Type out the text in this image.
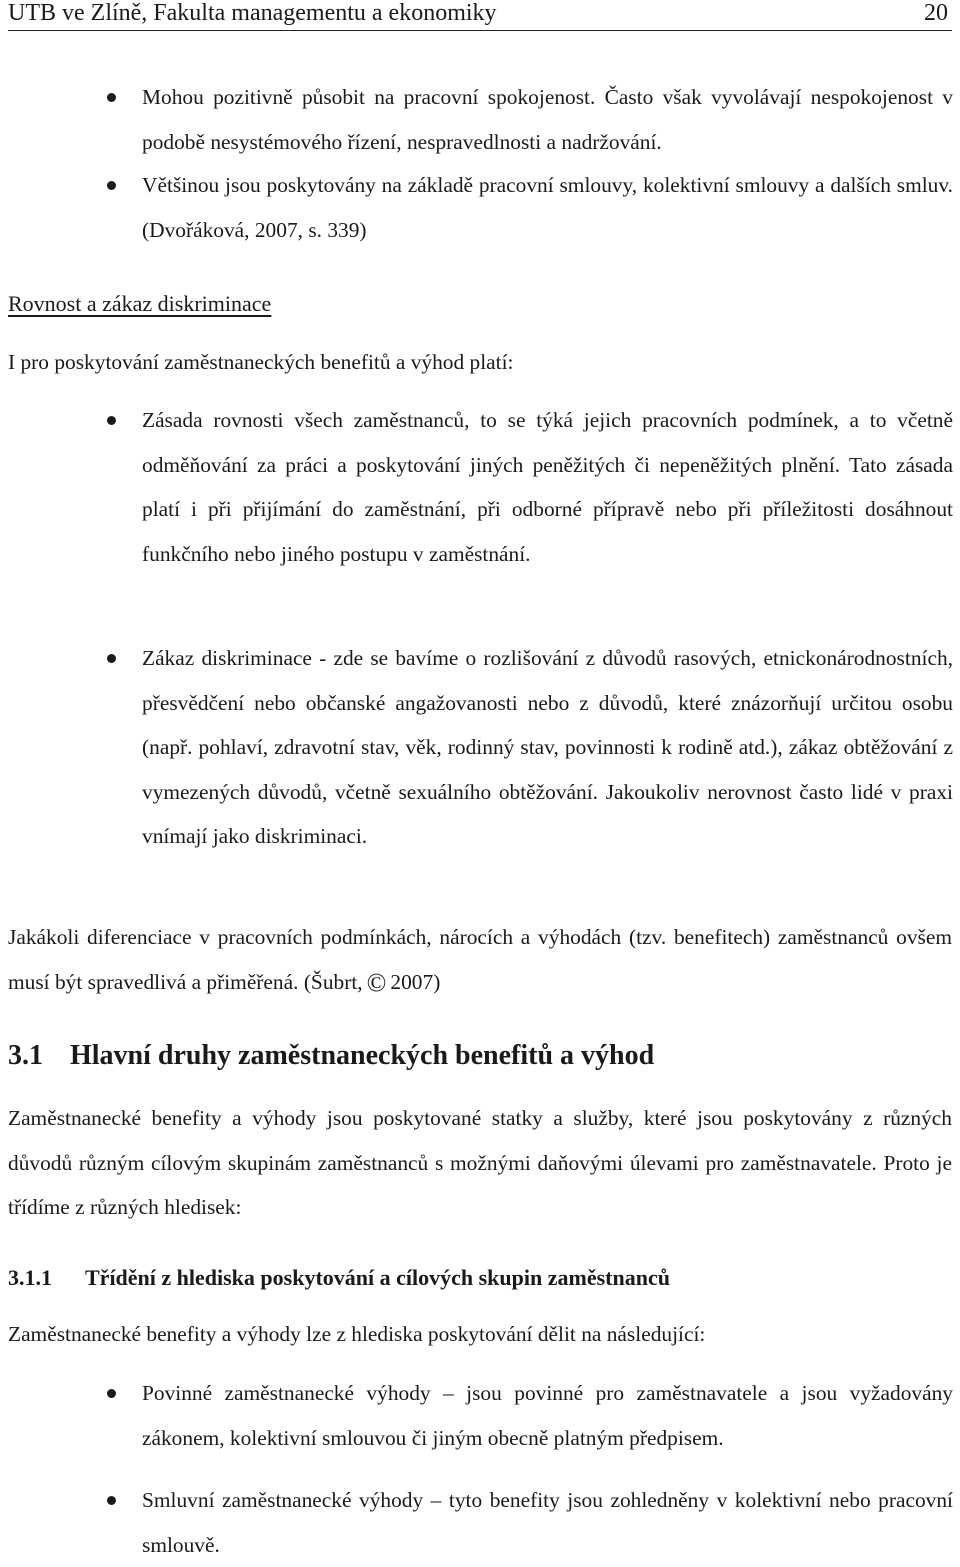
UTB ve Zlíně, Fakulta managementu a ekonomiky	20

Mohou pozitivně působit na pracovní spokojenost. Často však vyvolávají nespokojenost v podobě nesystémového řízení, nespravedlnosti a nadržování.

Většinou jsou poskytovány na základě pracovní smlouvy, kolektivní smlouvy a dalších smluv. (Dvořáková, 2007, s. 339)

Rovnost a zákaz diskriminace

I pro poskytování zaměstnaneckých benefitů a výhod platí:

Zásada rovnosti všech zaměstnanců, to se týká jejich pracovních podmínek, a to včetně odměňování za práci a poskytování jiných peněžitých či nepeněžitých plnění. Tato zásada platí i při přijímání do zaměstnání, při odborné přípravě nebo při příležitosti dosáhnout funkčního nebo jiného postupu v zaměstnání.

Zákaz diskriminace - zde se bavíme o rozlišování z důvodů rasových, etnickonárodnostních, přesvědčení nebo občanské angažovanosti nebo z důvodů, které znázorňují určitou osobu (např. pohlaví, zdravotní stav, věk, rodinný stav, povinnosti k rodině atd.), zákaz obtěžování z vymezených důvodů, včetně sexuálního obtěžování. Jakoukoliv nerovnost často lidé v praxi vnímají jako diskriminaci.

Jakákoli diferenciace v pracovních podmínkách, nárocích a výhodách (tzv. benefitech) zaměstnanců ovšem musí být spravedlivá a přiměřená. (Šubrt, © 2007)

3.1 Hlavní druhy zaměstnaneckých benefitů a výhod

Zaměstnanecké benefity a výhody jsou poskytované statky a služby, které jsou poskytovány z různých důvodů různým cílovým skupinám zaměstnanců s možnými daňovými úlevami pro zaměstnavatele. Proto je třídíme z různých hledisek:

3.1.1 Třídění z hlediska poskytování a cílových skupin zaměstnanců

Zaměstnanecké benefity a výhody lze z hlediska poskytování dělit na následující:

Povinné zaměstnanecké výhody – jsou povinné pro zaměstnavatele a jsou vyžadovány zákonem, kolektivní smlouvou či jiným obecně platným předpisem.

Smluvní zaměstnanecké výhody – tyto benefity jsou zohledněny v kolektivní nebo pracovní smlouvě.
